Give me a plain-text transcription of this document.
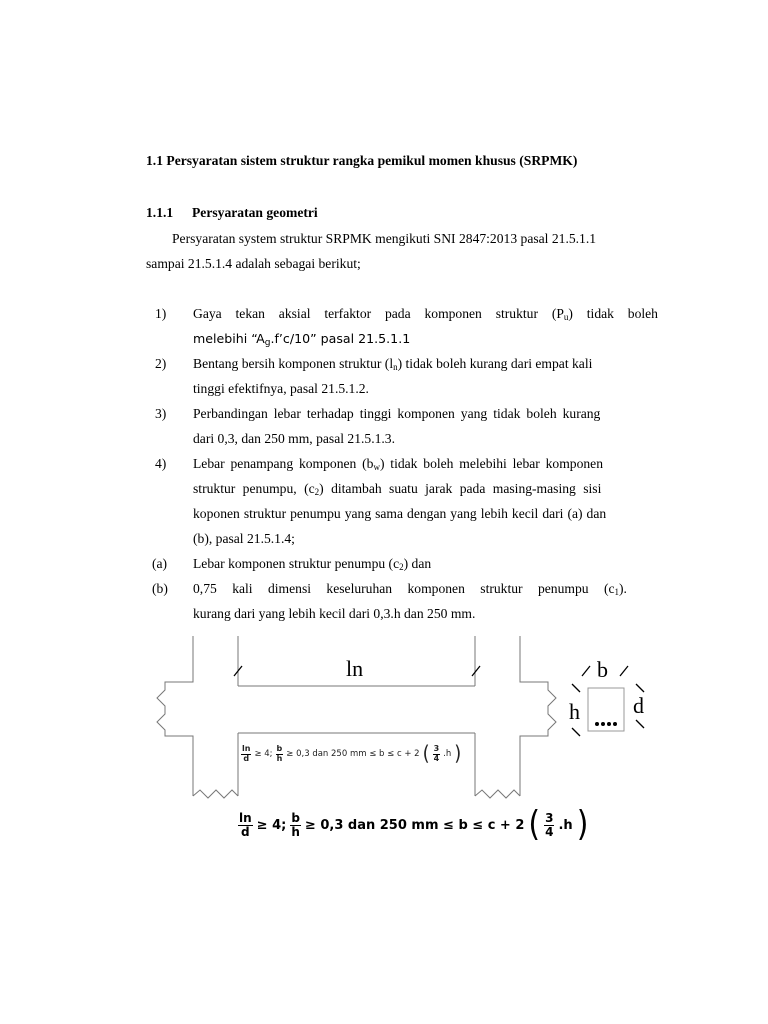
1.1 Persyaratan sistem struktur rangka pemikul momen khusus (SRPMK)
1.1.1 Persyaratan geometri
Persyaratan system struktur SRPMK mengikuti SNI 2847:2013 pasal 21.5.1.1
sampai 21.5.1.4 adalah sebagai berikut;
1) Gaya tekan aksial terfaktor pada komponen struktur $(P_u)$ tidak boleh
melebihi “$A_g.f’c/10$” pasal 21.5.1.1
2) Bentang bersih komponen struktur $(l_n)$ tidak boleh kurang dari empat kali
tinggi efektifnya, pasal 21.5.1.2.
3) Perbandingan lebar terhadap tinggi komponen yang tidak boleh kurang
dari 0,3, dan 250 mm, pasal 21.5.1.3.
4) Lebar penampang komponen $(b_w)$ tidak boleh melebihi lebar komponen
struktur penumpu, $(c_2)$ ditambah suatu jarak pada masing-masing sisi
koponen struktur penumpu yang sama dengan yang lebih kecil dari (a) dan
(b), pasal 21.5.1.4;
(a) Lebar komponen struktur penumpu $(c_2)$ dan
(b) 0,75 kali dimensi keseluruhan komponen struktur penumpu $(c_1)$.
kurang dari yang lebih kecil dari 0,3.h dan 250 mm.
ln	b
h d
$\frac{\ln}{d} \ge 4$; $\frac{b}{h} \ge 0,3$ dan 250 mm ≤ b ≤ c + 2 ( $\frac{3}{4} .h$ )
$\frac{\ln}{d} \ge 4$; $\frac{b}{h} \ge 0,3$ dan 250 mm ≤ b ≤ c + 2 ( $\frac{3}{4} .h$ )
